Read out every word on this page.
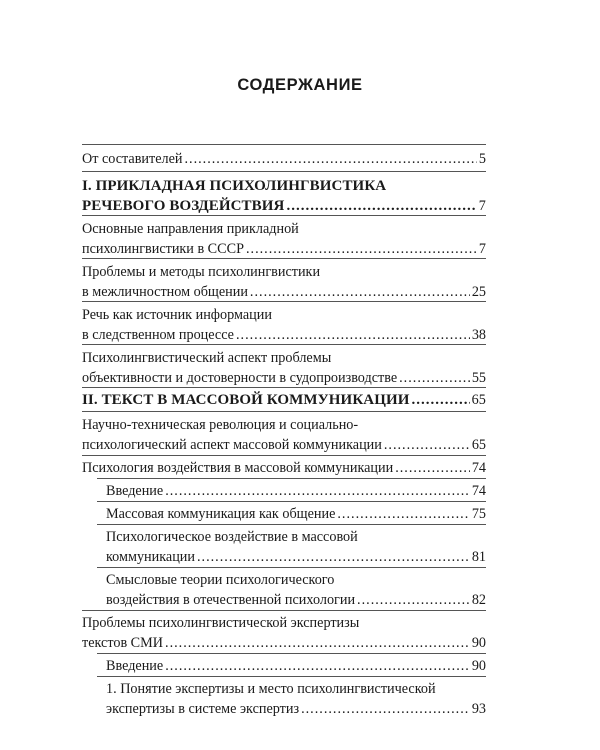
СОДЕРЖАНИЕ
От составителей .....	5
I. ПРИКЛАДНАЯ ПСИХОЛИНГВИСТИКА
РЕЧЕВОГО ВОЗДЕЙСТВИЯ .....	7
Основные направления прикладной
психолингвистики в СССР .....	7
Проблемы и методы психолингвистики
в межличностном общении .....	25
Речь как источник информации
в следственном процессе .....	38
Психолингвистический аспект проблемы
объективности и достоверности в судопроизводстве .....	55
II. ТЕКСТ В МАССОВОЙ КОММУНИКАЦИИ .....	65
Научно-техническая революция и социально-
психологический аспект массовой коммуникации .....	65
Психология воздействия в массовой коммуникации .....	74
Введение .....	74
Массовая коммуникация как общение .....	75
Психологическое воздействие в массовой
коммуникации .....	81
Смысловые теории психологического
воздействия в отечественной психологии .....	82
Проблемы психолингвистической экспертизы
текстов СМИ .....	90
Введение .....	90
1. Понятие экспертизы и место психолингвистической
экспертизы в системе экспертиз .....	93
